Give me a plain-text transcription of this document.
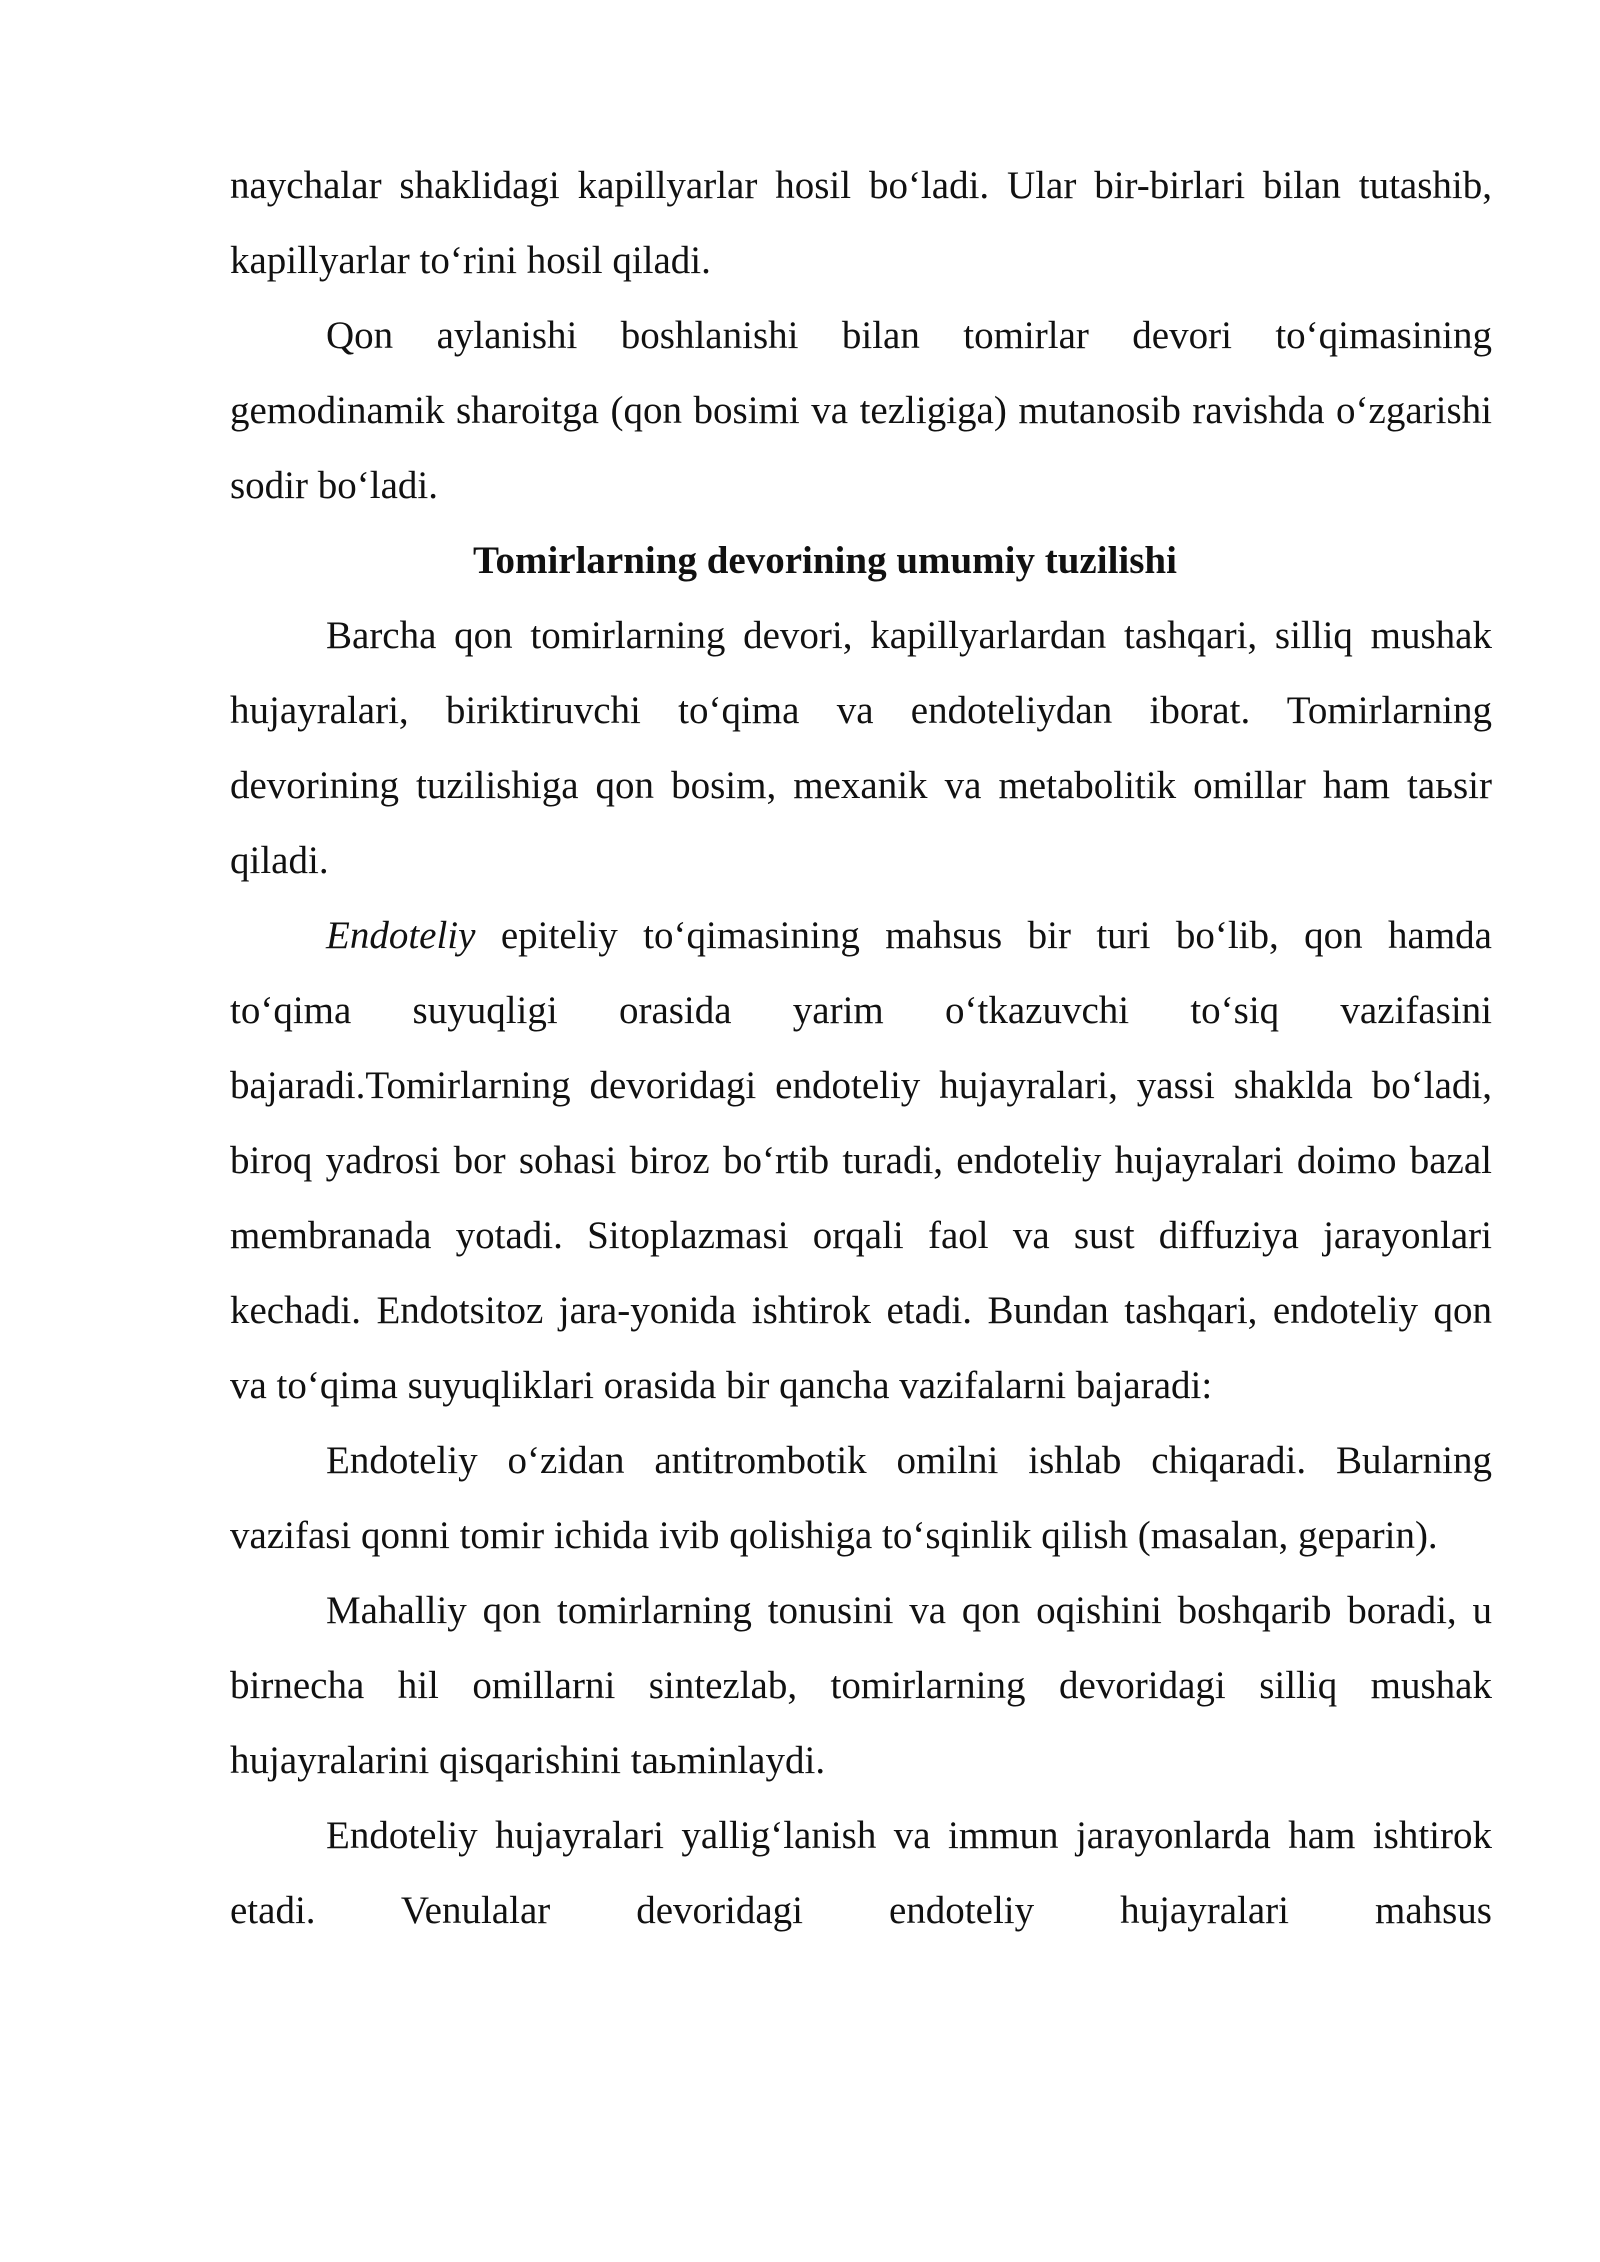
naychalar shaklidagi kapillyarlar hosil bo‘ladi. Ular bir-birlari bilan tutashib, kapillyarlar to‘rini hosil qiladi.

Qon aylanishi boshlanishi bilan tomirlar devori to‘qimasining gemodinamik sharoitga (qon bosimi va tezligiga) mutanosib ravishda o‘zgarishi sodir bo‘ladi.

Tomirlarning devorining umumiy tuzilishi

Barcha qon tomirlarning devori, kapillyarlardan tashqari, silliq mushak hujayralari, biriktiruvchi to‘qima va endoteliydan iborat. Tomirlarning devorining tuzilishiga qon bosim, mexanik va metabolitik omillar ham taьsir qiladi.

Endoteliy epiteliy to‘qimasining mahsus bir turi bo‘lib, qon hamda to‘qima suyuqligi orasida yarim o‘tkazuvchi to‘siq vazifasini bajaradi.Tomirlarning devoridagi endoteliy hujayralari, yassi shaklda bo‘ladi, biroq yadrosi bor sohasi biroz bo‘rtib turadi, endoteliy hujayralari doimo bazal membranada yotadi. Sitoplazmasi orqali faol va sust diffuziya jarayonlari kechadi. Endotsitoz jara-yonida ishtirok etadi. Bundan tashqari, endoteliy qon va to‘qima suyuqliklari orasida bir qancha vazifalarni bajaradi:

Endoteliy o‘zidan antitrombotik omilni ishlab chiqaradi. Bularning vazifasi qonni tomir ichida ivib qolishiga to‘sqinlik qilish (masalan, geparin).

Mahalliy qon tomirlarning tonusini va qon oqishini boshqarib boradi, u birnecha hil omillarni sintezlab, tomirlarning devoridagi silliq mushak hujayralarini qisqarishini taьminlaydi.

Endoteliy hujayralari yallig‘lanish va immun jarayonlarda ham ishtirok etadi. Venulalar devoridagi endoteliy hujayralari mahsus
